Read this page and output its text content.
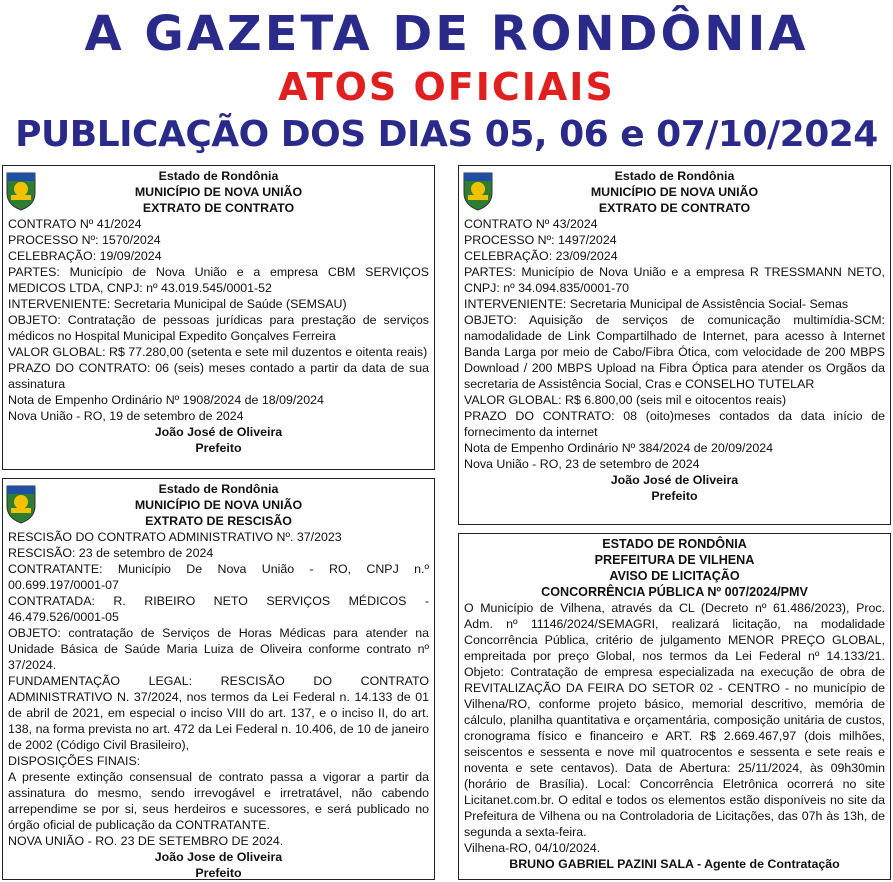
A GAZETA DE RONDÔNIA
ATOS OFICIAIS
PUBLICAÇÃO DOS DIAS 05, 06 e 07/10/2024
Estado de Rondônia
MUNICÍPIO DE NOVA UNIÃO
EXTRATO DE CONTRATO
CONTRATO Nº 41/2024
PROCESSO Nº: 1570/2024
CELEBRAÇÃO: 19/09/2024
PARTES: Município de Nova União e a empresa CBM SERVIÇOS MEDICOS LTDA, CNPJ: nº 43.019.545/0001-52
INTERVENIENTE: Secretaria Municipal de Saúde (SEMSAU)
OBJETO: Contratação de pessoas jurídicas para prestação de serviços médicos no Hospital Municipal Expedito Gonçalves Ferreira
VALOR GLOBAL: R$ 77.280,00 (setenta e sete mil duzentos e oitenta reais)
PRAZO DO CONTRATO: 06 (seis) meses contado a partir da data de sua assinatura
Nota de Empenho Ordinário Nº 1908/2024 de 18/09/2024
Nova União - RO, 19 de setembro de 2024
João José de Oliveira
Prefeito
Estado de Rondônia
MUNICÍPIO DE NOVA UNIÃO
EXTRATO DE CONTRATO
CONTRATO Nº 43/2024
PROCESSO Nº: 1497/2024
CELEBRAÇÃO: 23/09/2024
PARTES: Município de Nova União e a empresa R TRESSMANN NETO, CNPJ: nº 34.094.835/0001-70
INTERVENIENTE: Secretaria Municipal de Assistência Social- Semas
OBJETO: Aquisição de serviços de comunicação multimídia-SCM: namodalidade de Link Compartilhado de Internet, para acesso à Internet Banda Larga por meio de Cabo/Fibra Ótica, com velocidade de 200 MBPS Download / 200 MBPS Upload na Fibra Óptica para atender os Orgãos da secretaria de Assistência Social, Cras e CONSELHO TUTELAR
VALOR GLOBAL: R$ 6.800,00 (seis mil e oitocentos reais)
PRAZO DO CONTRATO: 08 (oito)meses contados da data início de fornecimento da internet
Nota de Empenho Ordinário Nº 384/2024 de 20/09/2024
Nova União - RO, 23 de setembro de 2024
João José de Oliveira
Prefeito
Estado de Rondônia
MUNICÍPIO DE NOVA UNIÃO
EXTRATO DE RESCISÃO
RESCISÃO DO CONTRATO ADMINISTRATIVO Nº. 37/2023
RESCISÃO: 23 de setembro de 2024
CONTRATANTE: Município De Nova União - RO, CNPJ n.º 00.699.197/0001-07
CONTRATADA: R. RIBEIRO NETO SERVIÇOS MÉDICOS - 46.479.526/0001-05
OBJETO: contratação de Serviços de Horas Médicas para atender na Unidade Básica de Saúde Maria Luiza de Oliveira conforme contrato nº 37/2024.
FUNDAMENTAÇÃO LEGAL: RESCISÃO DO CONTRATO ADMINISTRATIVO N. 37/2024, nos termos da Lei Federal n. 14.133 de 01 de abril de 2021, em especial o inciso VIII do art. 137, e o inciso II, do art. 138, na forma prevista no art. 472 da Lei Federal n. 10.406, de 10 de janeiro de 2002 (Código Civil Brasileiro),
DISPOSIÇÕES FINAIS:
A presente extinção consensual de contrato passa a vigorar a partir da assinatura do mesmo, sendo irrevogável e irretratável, não cabendo arrependime se por si, seus herdeiros e sucessores, e será publicado no órgão oficial de publicação da CONTRATANTE.
NOVA UNIÃO - RO. 23 DE SETEMBRO DE 2024.
João Jose de Oliveira
Prefeito
ESTADO DE RONDÔNIA
PREFEITURA DE VILHENA
AVISO DE LICITAÇÃO
CONCORRÊNCIA PÚBLICA Nº 007/2024/PMV
O Município de Vilhena, através da CL (Decreto nº 61.486/2023), Proc. Adm. nº 11146/2024/SEMAGRI, realizará licitação, na modalidade Concorrência Pública, critério de julgamento MENOR PREÇO GLOBAL, empreitada por preço Global, nos termos da Lei Federal nº 14.133/21. Objeto: Contratação de empresa especializada na execução de obra de REVITALIZAÇÃO DA FEIRA DO SETOR 02 - CENTRO - no município de Vilhena/RO, conforme projeto básico, memorial descritivo, memória de cálculo, planilha quantitativa e orçamentária, composição unitária de custos, cronograma físico e financeiro e ART. R$ 2.669.467,97 (dois milhões, seiscentos e sessenta e nove mil quatrocentos e sessenta e sete reais e noventa e sete centavos). Data de Abertura: 25/11/2024, às 09h30min (horário de Brasília). Local: Concorrência Eletrônica ocorrerá no site Licitanet.com.br. O edital e todos os elementos estão disponíveis no site da Prefeitura de Vilhena ou na Controladoria de Licitações, das 07h às 13h, de segunda a sexta-feira.
Vilhena-RO, 04/10/2024.
BRUNO GABRIEL PAZINI SALA - Agente de Contratação
